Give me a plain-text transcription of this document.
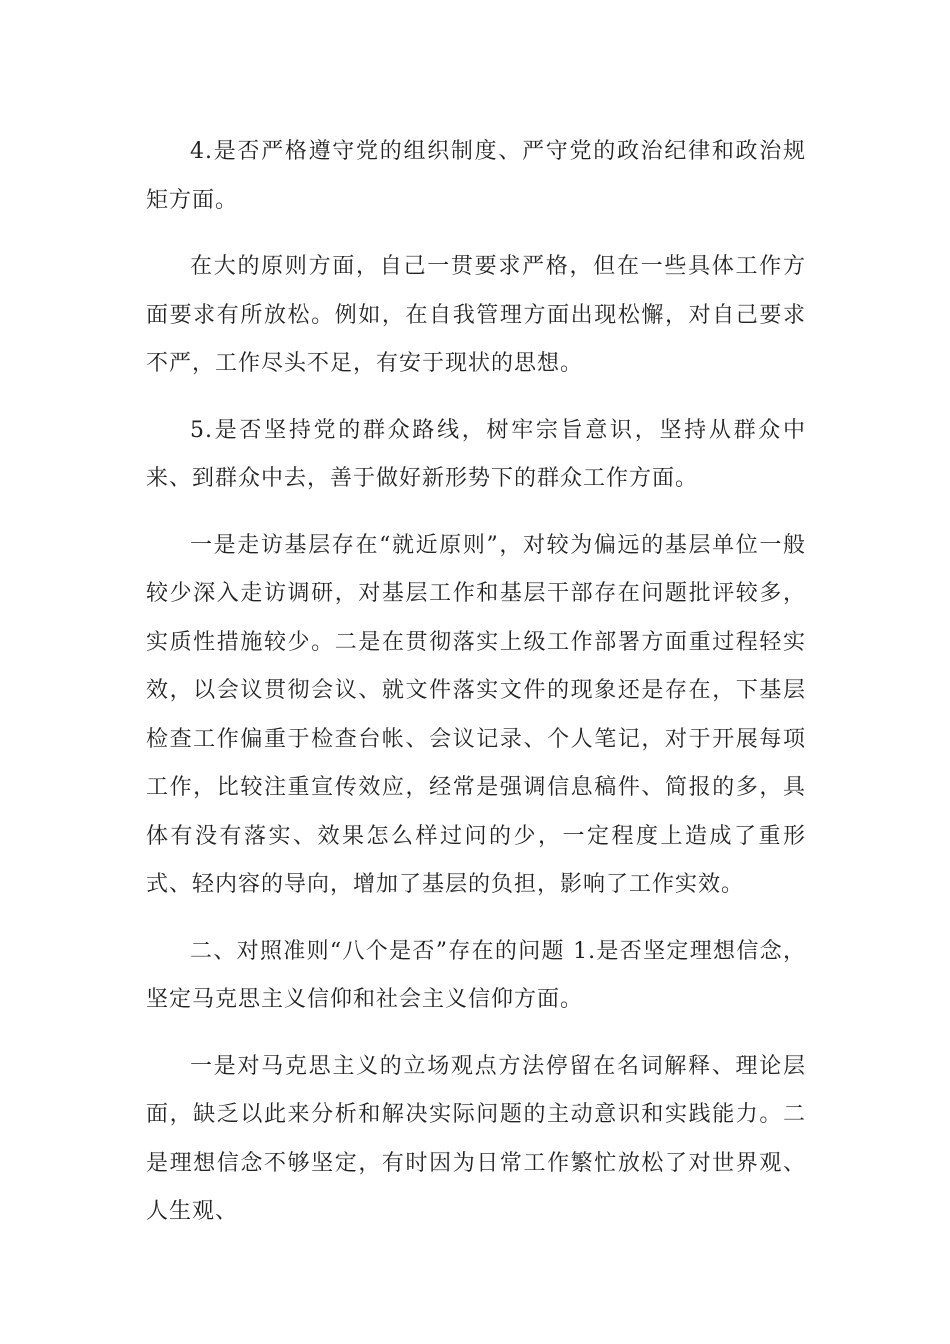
4.是否严格遵守党的组织制度、严守党的政治纪律和政治规矩方面。

在大的原则方面，自己一贯要求严格，但在一些具体工作方面要求有所放松。例如，在自我管理方面出现松懈，对自己要求不严，工作尽头不足，有安于现状的思想。

5.是否坚持党的群众路线，树牢宗旨意识，坚持从群众中来、到群众中去，善于做好新形势下的群众工作方面。

一是走访基层存在“就近原则”，对较为偏远的基层单位一般较少深入走访调研，对基层工作和基层干部存在问题批评较多，实质性措施较少。二是在贯彻落实上级工作部署方面重过程轻实效，以会议贯彻会议、就文件落实文件的现象还是存在，下基层检查工作偏重于检查台帐、会议记录、个人笔记，对于开展每项工作，比较注重宣传效应，经常是强调信息稿件、简报的多，具体有没有落实、效果怎么样过问的少，一定程度上造成了重形式、轻内容的导向，增加了基层的负担，影响了工作实效。

二、对照准则“八个是否”存在的问题 1.是否坚定理想信念，坚定马克思主义信仰和社会主义信仰方面。

一是对马克思主义的立场观点方法停留在名词解释、理论层面，缺乏以此来分析和解决实际问题的主动意识和实践能力。二是理想信念不够坚定，有时因为日常工作繁忙放松了对世界观、人生观、
